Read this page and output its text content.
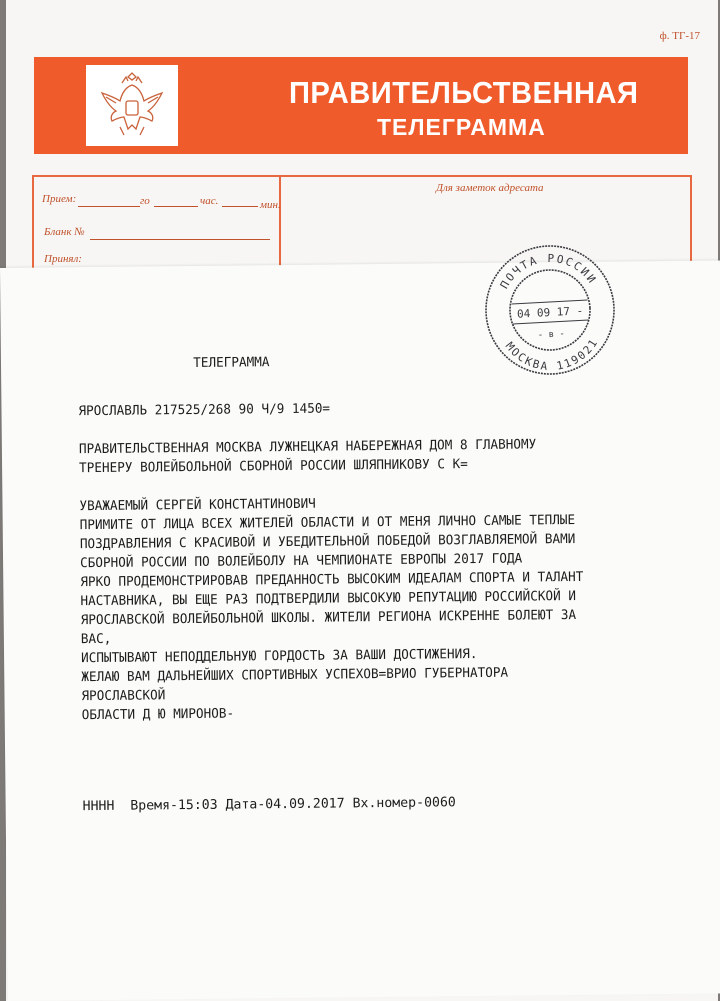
ф. ТГ-17
ПРАВИТЕЛЬСТВЕННАЯ
ТЕЛЕГРАММА
Прием:	го	час.	мин.
Бланк №
Принял:
Для заметок адресата
ТЕЛЕГРАММА
ЯРОСЛАВЛЬ 217525/268 90 Ч/9 1450=
ПРАВИТЕЛЬСТВЕННАЯ МОСКВА ЛУЖНЕЦКАЯ НАБЕРЕЖНАЯ ДОМ 8 ГЛАВНОМУ
ТРЕНЕРУ ВОЛЕЙБОЛЬНОЙ СБОРНОЙ РОССИИ ШЛЯПНИКОВУ С К=
УВАЖАЕМЫЙ СЕРГЕЙ КОНСТАНТИНОВИЧ
ПРИМИТЕ ОТ ЛИЦА ВСЕХ ЖИТЕЛЕЙ ОБЛАСТИ И ОТ МЕНЯ ЛИЧНО САМЫЕ ТЕПЛЫЕ
ПОЗДРАВЛЕНИЯ С КРАСИВОЙ И УБЕДИТЕЛЬНОЙ ПОБЕДОЙ ВОЗГЛАВЛЯЕМОЙ ВАМИ
СБОРНОЙ РОССИИ ПО ВОЛЕЙБОЛУ НА ЧЕМПИОНАТЕ ЕВРОПЫ 2017 ГОДА
ЯРКО ПРОДЕМОНСТРИРОВАВ ПРЕДАННОСТЬ ВЫСОКИМ ИДЕАЛАМ СПОРТА И ТАЛАНТ
НАСТАВНИКА, ВЫ ЕЩЕ РАЗ ПОДТВЕРДИЛИ ВЫСОКУЮ РЕПУТАЦИЮ РОССИЙСКОЙ И
ЯРОСЛАВСКОЙ ВОЛЕЙБОЛЬНОЙ ШКОЛЫ. ЖИТЕЛИ РЕГИОНА ИСКРЕННЕ БОЛЕЮТ ЗА
ВАС,
ИСПЫТЫВАЮТ НЕПОДДЕЛЬНУЮ ГОРДОСТЬ ЗА ВАШИ ДОСТИЖЕНИЯ.
ЖЕЛАЮ ВАМ ДАЛЬНЕЙШИХ СПОРТИВНЫХ УСПЕХОВ=ВРИО ГУБЕРНАТОРА
ЯРОСЛАВСКОЙ
ОБЛАСТИ Д Ю МИРОНОВ-
НННН  Время-15:03 Дата-04.09.2017 Вх.номер-0060
ПОЧТА РОССИИ
04 09 17 -
- в -
МОСКВА 119021
